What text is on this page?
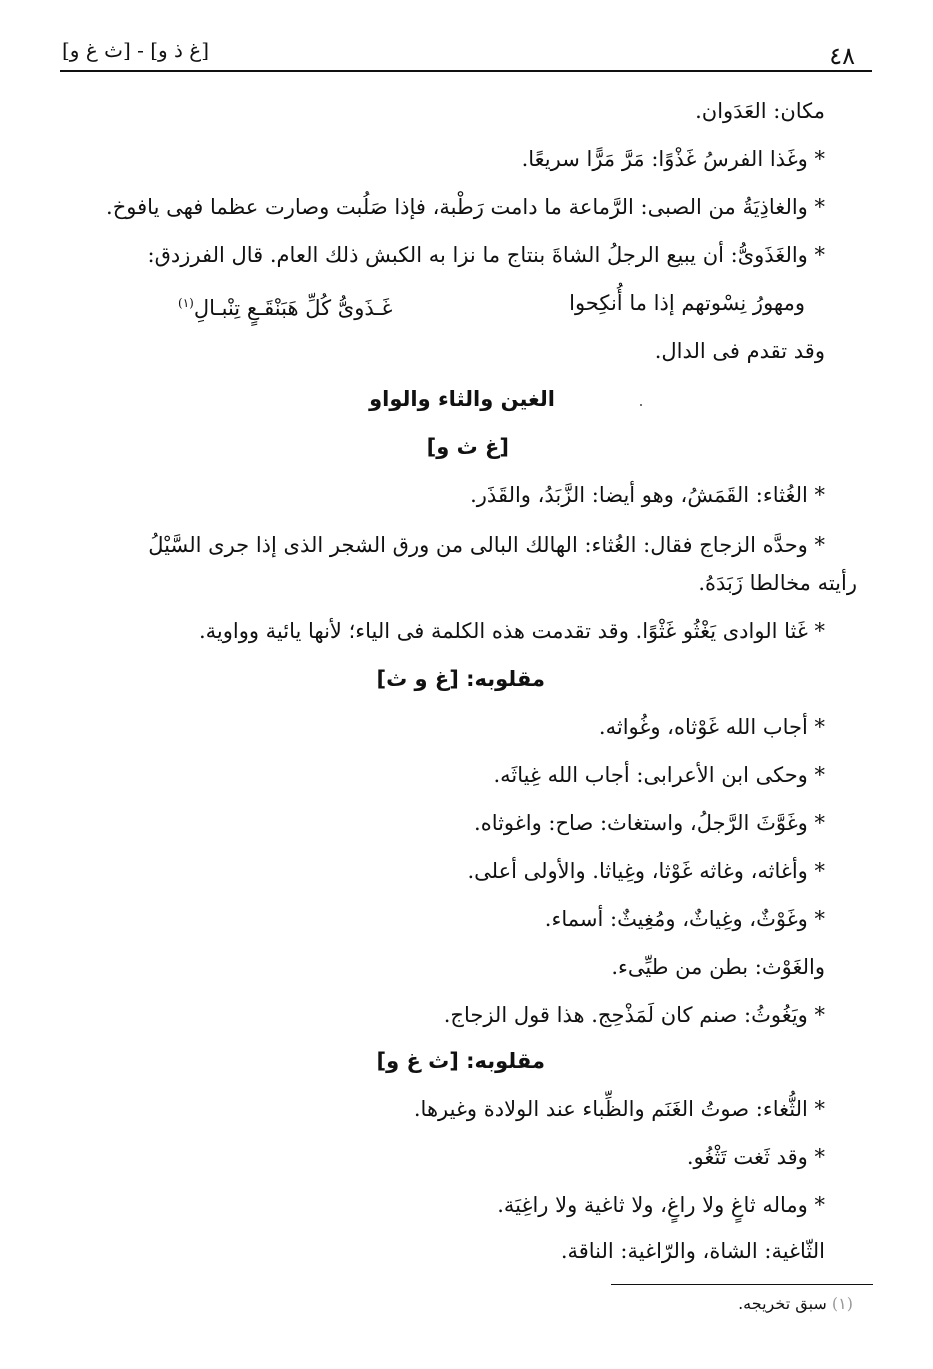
٤٨
[غ ذ و] - [ث غ و]
مكان: العَدَوان.
* وغَذا الفرسُ غَذْوًا: مَرَّ مَرًّا سريعًا.
* والغاذِيَةُ من الصبى: الرَّماعة ما دامت رَطْبة، فإذا صَلُبت وصارت عظما فهى يافوخ.
* والغَذَوىُّ: أن يبيع الرجلُ الشاةَ بنتاج ما نزا به الكبش ذلك العام. قال الفرزدق:
ومهورُ نِسْوتهم إذا ما أُنكِحوا
غَـذَوىُّ كُلِّ هَبَنْقَـعٍ تِنْبـالِ$^{(١)}$
وقد تقدم فى الدال.
الغين والثاء والواو
[غ ث و]
* الغُثاء: القَمَشُ، وهو أيضا: الزَّبَدُ، والقَذَر.
* وحدَّه الزجاج فقال: الغُثاء: الهالك البالى من ورق الشجر الذى إذا جرى السَّيْلُ
رأيته مخالطا زَبَدَهُ.
* غَثا الوادى يَغْثُو غَثْوًا. وقد تقدمت هذه الكلمة فى الياء؛ لأنها يائية وواوية.
مقلوبه: [غ و ث]
* أجاب الله غَوْثاه، وغُواثه.
* وحكى ابن الأعرابى: أجاب الله غِياثَه.
* وغَوَّثَ الرَّجلُ، واستغاث: صاح: واغوثاه.
* وأغاثه، وغاثه غَوْثا، وغِياثا. والأولى أعلى.
* وغَوْثٌ، وغِياثٌ، ومُغِيثٌ: أسماء.
والغَوْث: بطن من طيِّىء.
* ويَغُوثُ: صنم كان لَمَذْحِج. هذا قول الزجاج.
مقلوبه: [ث غ و]
* الثُّغاء: صوتُ الغَنَم والظِّباء عند الولادة وغيرها.
* وقد ثَغت تَثْغُو.
* وماله ثاغٍ ولا راغٍ، ولا ثاغية ولا راغِيَة.
الثّاغية: الشاة، والرّاغية: الناقة.
(١) سبق تخريجه.
